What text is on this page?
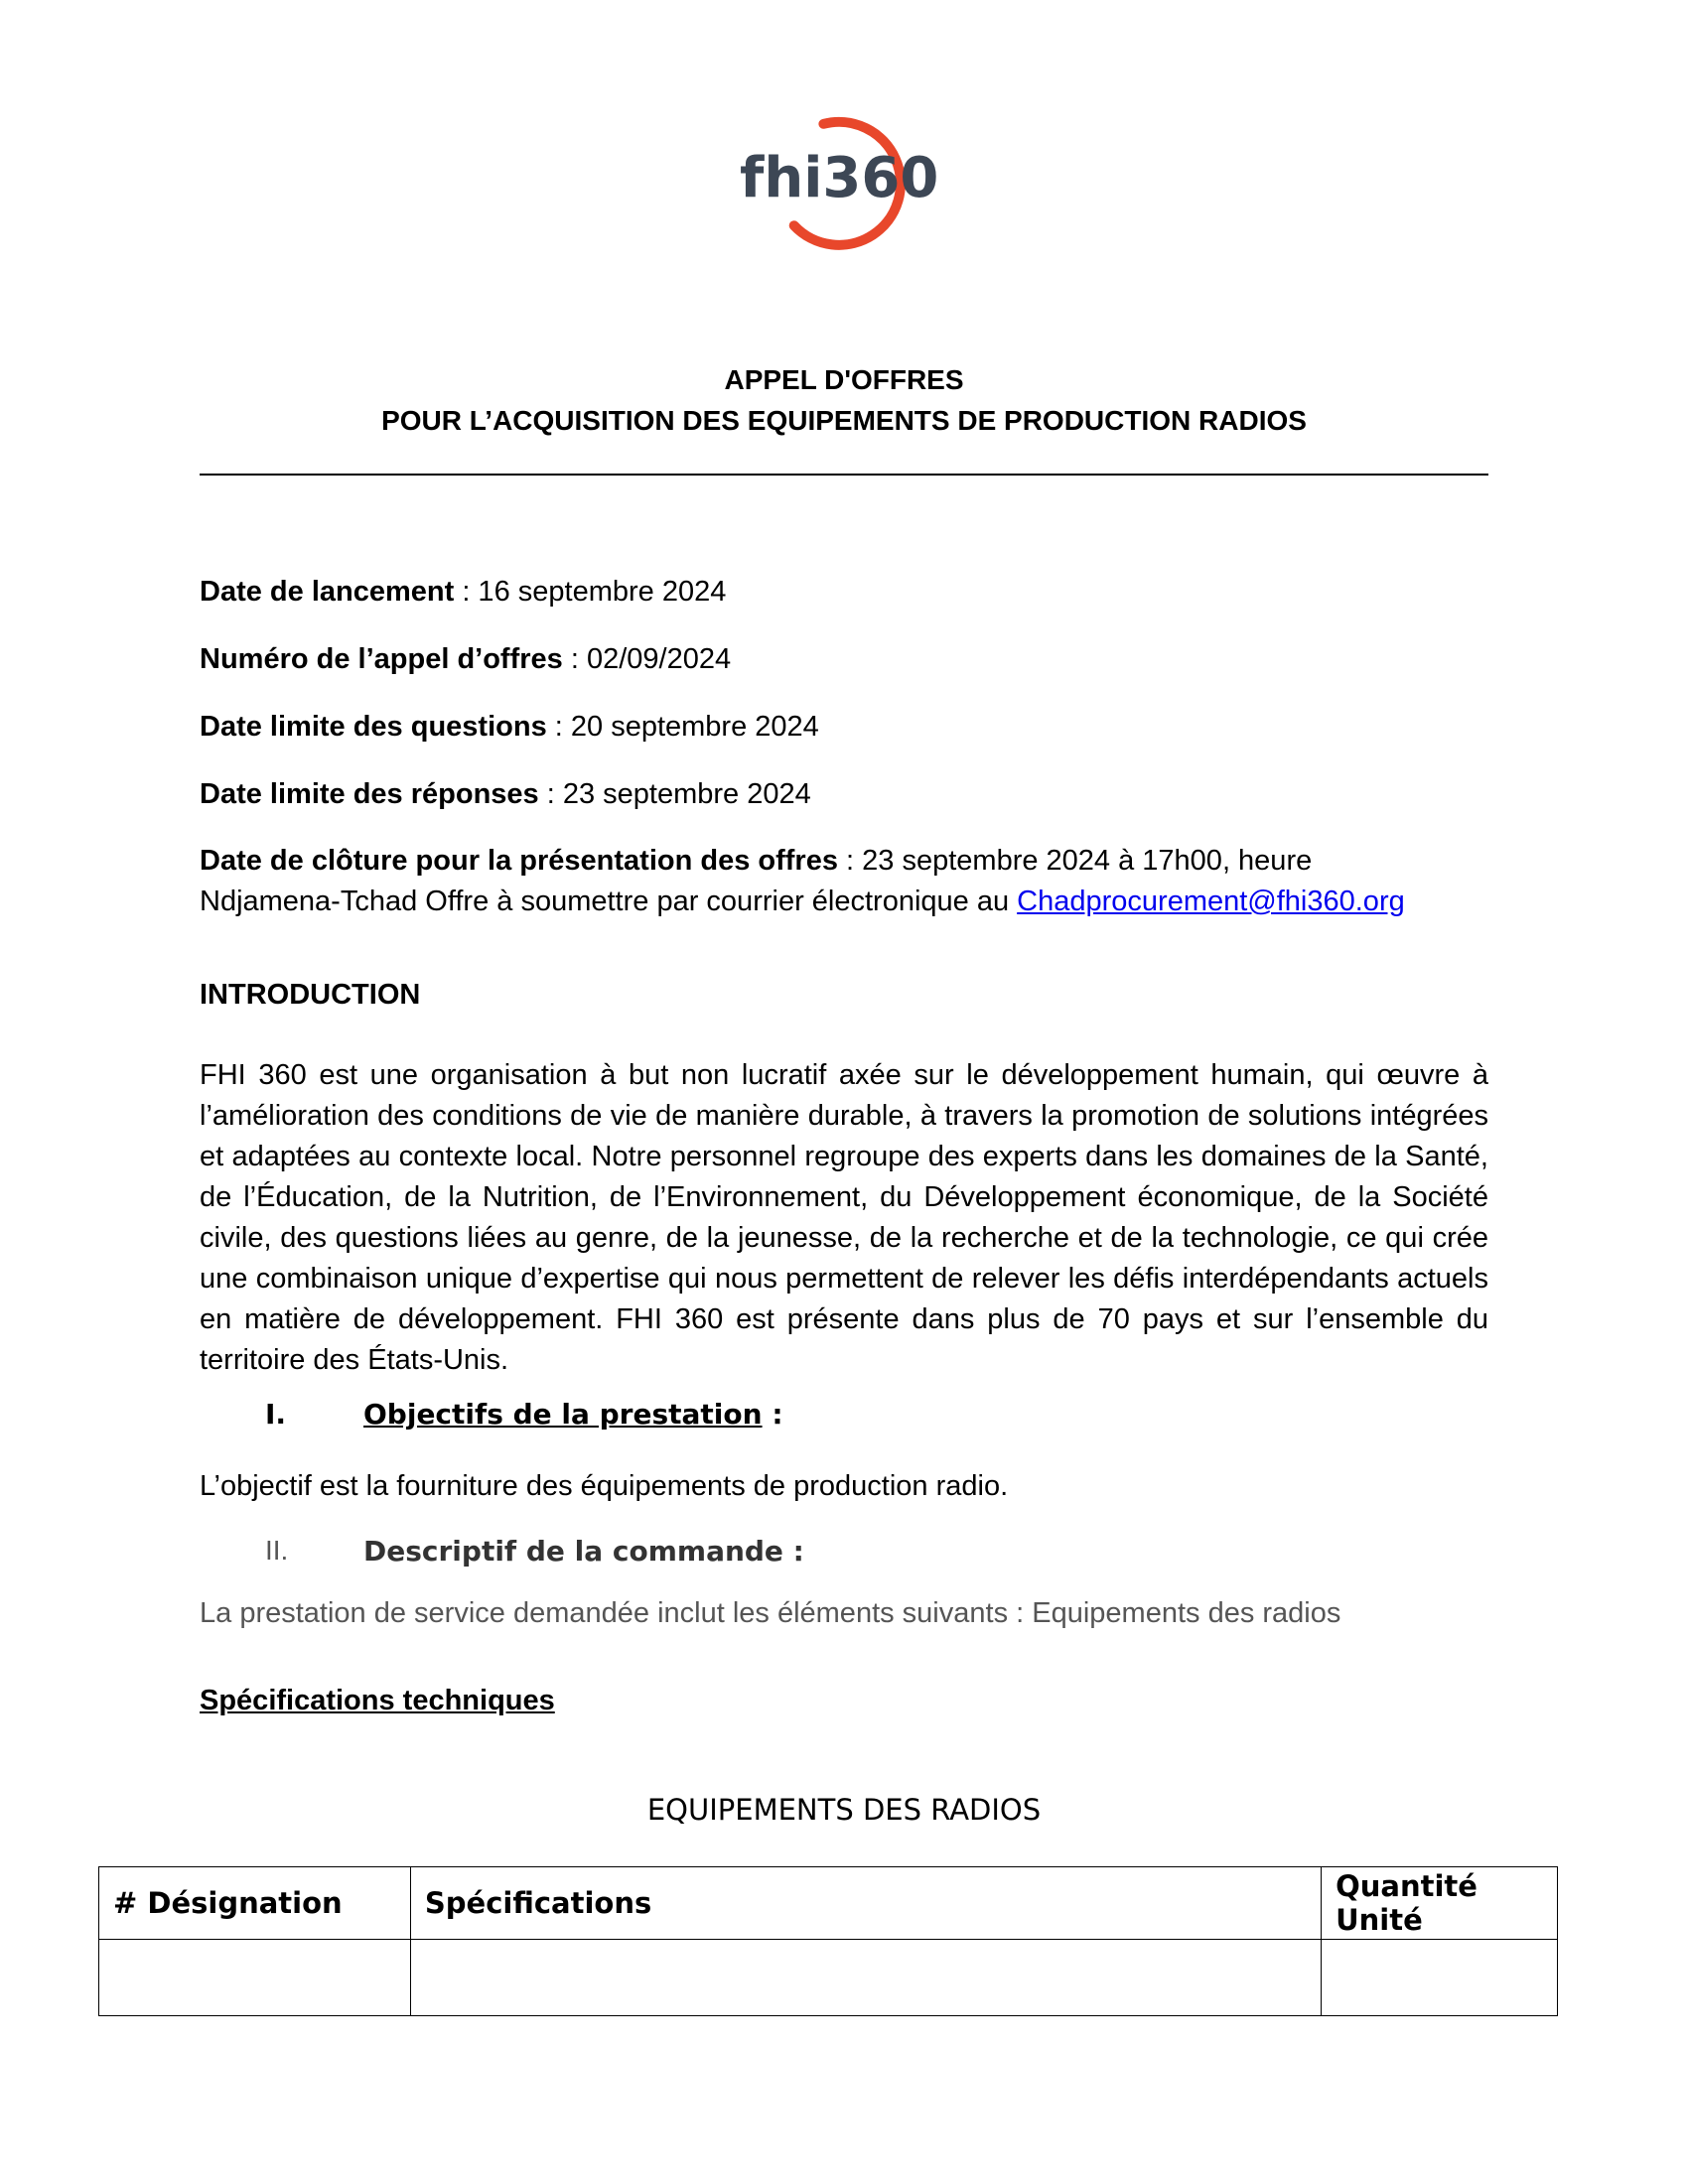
fhi360
APPEL D'OFFRES
POUR L’ACQUISITION DES EQUIPEMENTS DE PRODUCTION RADIOS
Date de lancement : 16 septembre 2024
Numéro de l’appel d’offres : 02/09/2024
Date limite des questions : 20 septembre 2024
Date limite des réponses : 23 septembre 2024
Date de clôture pour la présentation des offres : 23 septembre 2024 à 17h00, heure
Ndjamena-Tchad Offre à soumettre par courrier électronique au Chadprocurement@fhi360.org
INTRODUCTION
FHI 360 est une organisation à but non lucratif axée sur le développement humain, qui œuvre à l’amélioration des conditions de vie de manière durable, à travers la promotion de solutions intégrées et adaptées au contexte local. Notre personnel regroupe des experts dans les domaines de la Santé, de l’Éducation, de la Nutrition, de l’Environnement, du Développement économique, de la Société civile, des questions liées au genre, de la jeunesse, de la recherche et de la technologie, ce qui crée une combinaison unique d’expertise qui nous permettent de relever les défis interdépendants actuels en matière de développement. FHI 360 est présente dans plus de 70 pays et sur l’ensemble du territoire des États-Unis.
I.	Objectifs de la prestation :
L’objectif est la fourniture des équipements de production radio.
II.	Descriptif de la commande :
La prestation de service demandée inclut les éléments suivants : Equipements des radios
Spécifications techniques
EQUIPEMENTS DES RADIOS
# Désignation	Spécifications	Quantité Unité
